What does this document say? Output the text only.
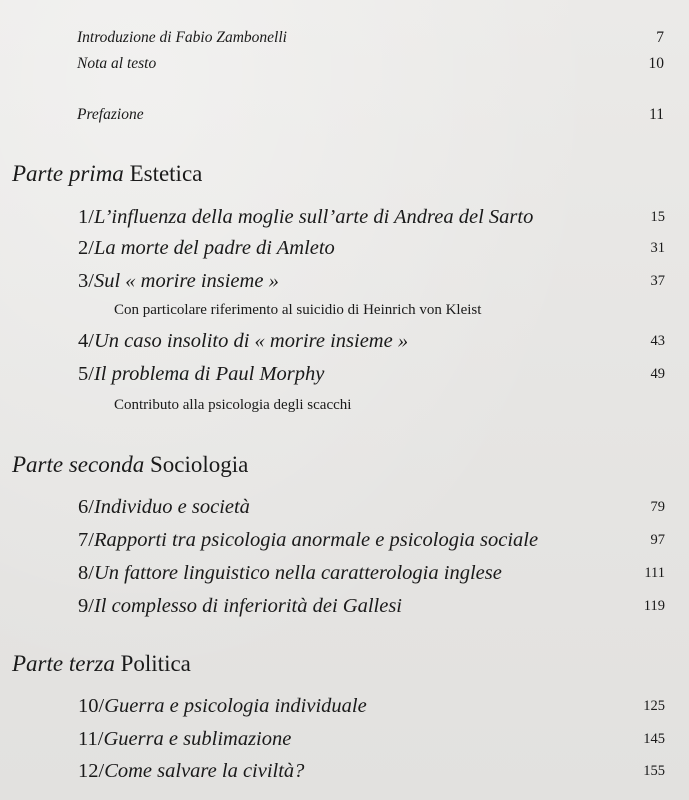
Introduzione di Fabio Zambonelli	7
Nota al testo	10
Prefazione	11
Parte prima Estetica
1/L’influenza della moglie sull’arte di Andrea del Sarto	15
2/La morte del padre di Amleto	31
3/Sul « morire insieme »	37
Con particolare riferimento al suicidio di Heinrich von Kleist
4/Un caso insolito di « morire insieme »	43
5/Il problema di Paul Morphy	49
Contributo alla psicologia degli scacchi
Parte seconda Sociologia
6/Individuo e società	79
7/Rapporti tra psicologia anormale e psicologia sociale	97
8/Un fattore linguistico nella caratterologia inglese	111
9/Il complesso di inferiorità dei Gallesi	119
Parte terza Politica
10/Guerra e psicologia individuale	125
11/Guerra e sublimazione	145
12/Come salvare la civiltà?	155
